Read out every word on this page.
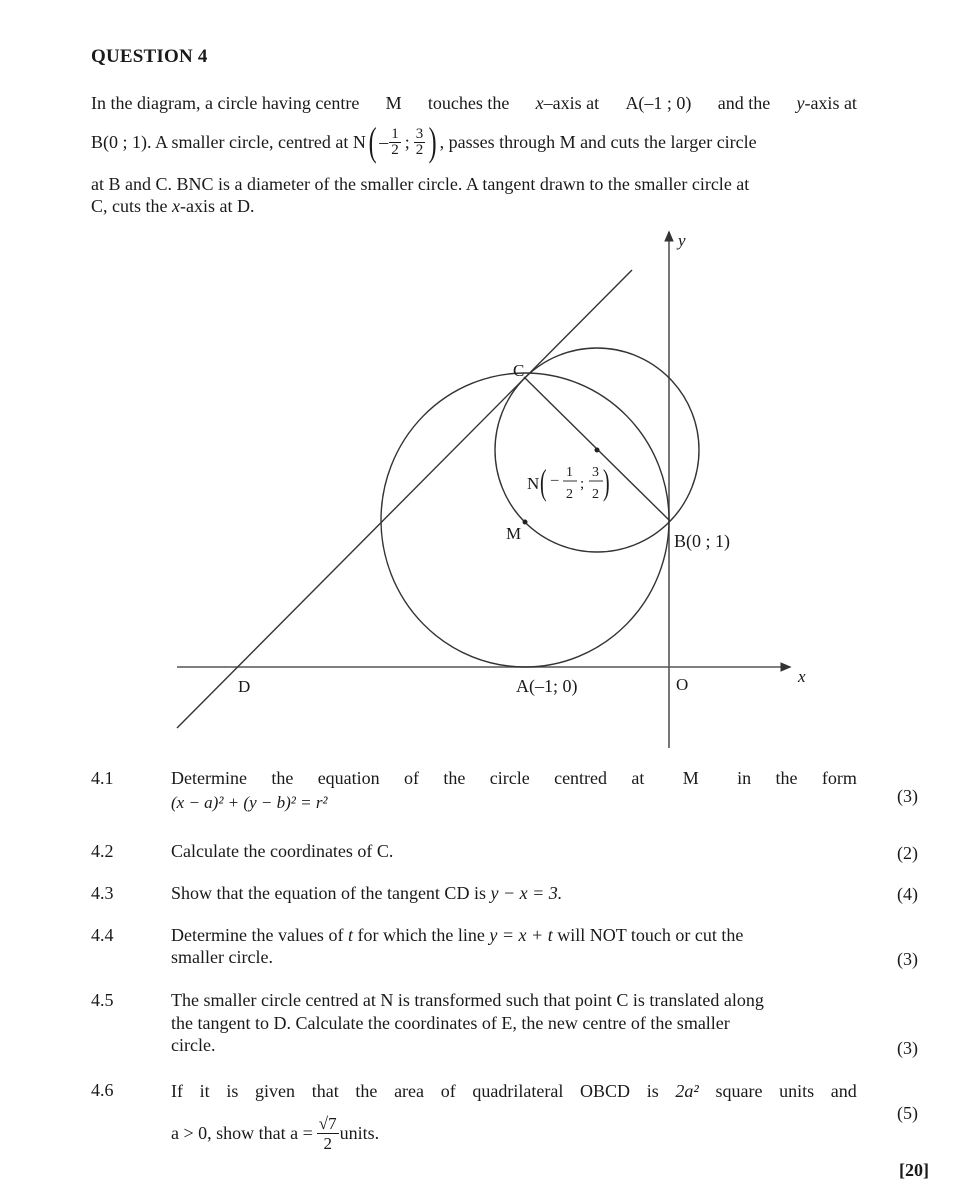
QUESTION 4
In the diagram, a circle having centre M touches the x–axis at A(–1 ; 0) and the y-axis at
B(0 ; 1). A smaller circle, centred at N ( – $\frac{1}{2}$ ; $\frac{3}{2}$ ) , passes through M and cuts the larger circle
at B and C. BNC is a diameter of the smaller circle. A tangent drawn to the smaller circle at
C, cuts the x-axis at D.
y
x
O
C
M	B(0 ; 1)
A(–1; 0)
D
N ( – 1
2
;
3
2 )
4.1	Determine the equation of the circle centred at M in the form
(x − a)² + (y − b)² = r²	(3)
4.2	Calculate the coordinates of C.	(2)
4.3	Show that the equation of the tangent CD is y − x = 3.	(4)
4.4	Determine the values of t for which the line y = x + t will NOT touch or cut the
smaller circle.	(3)
4.5	The smaller circle centred at N is transformed such that point C is translated along
the tangent to D. Calculate the coordinates of E, the new centre of the smaller
circle.	(3)
4.6	If it is given that the area of quadrilateral OBCD is 2a² square units and
a > 0, show that $a = \frac{√7}{2}$ units.
(5)
[20]
